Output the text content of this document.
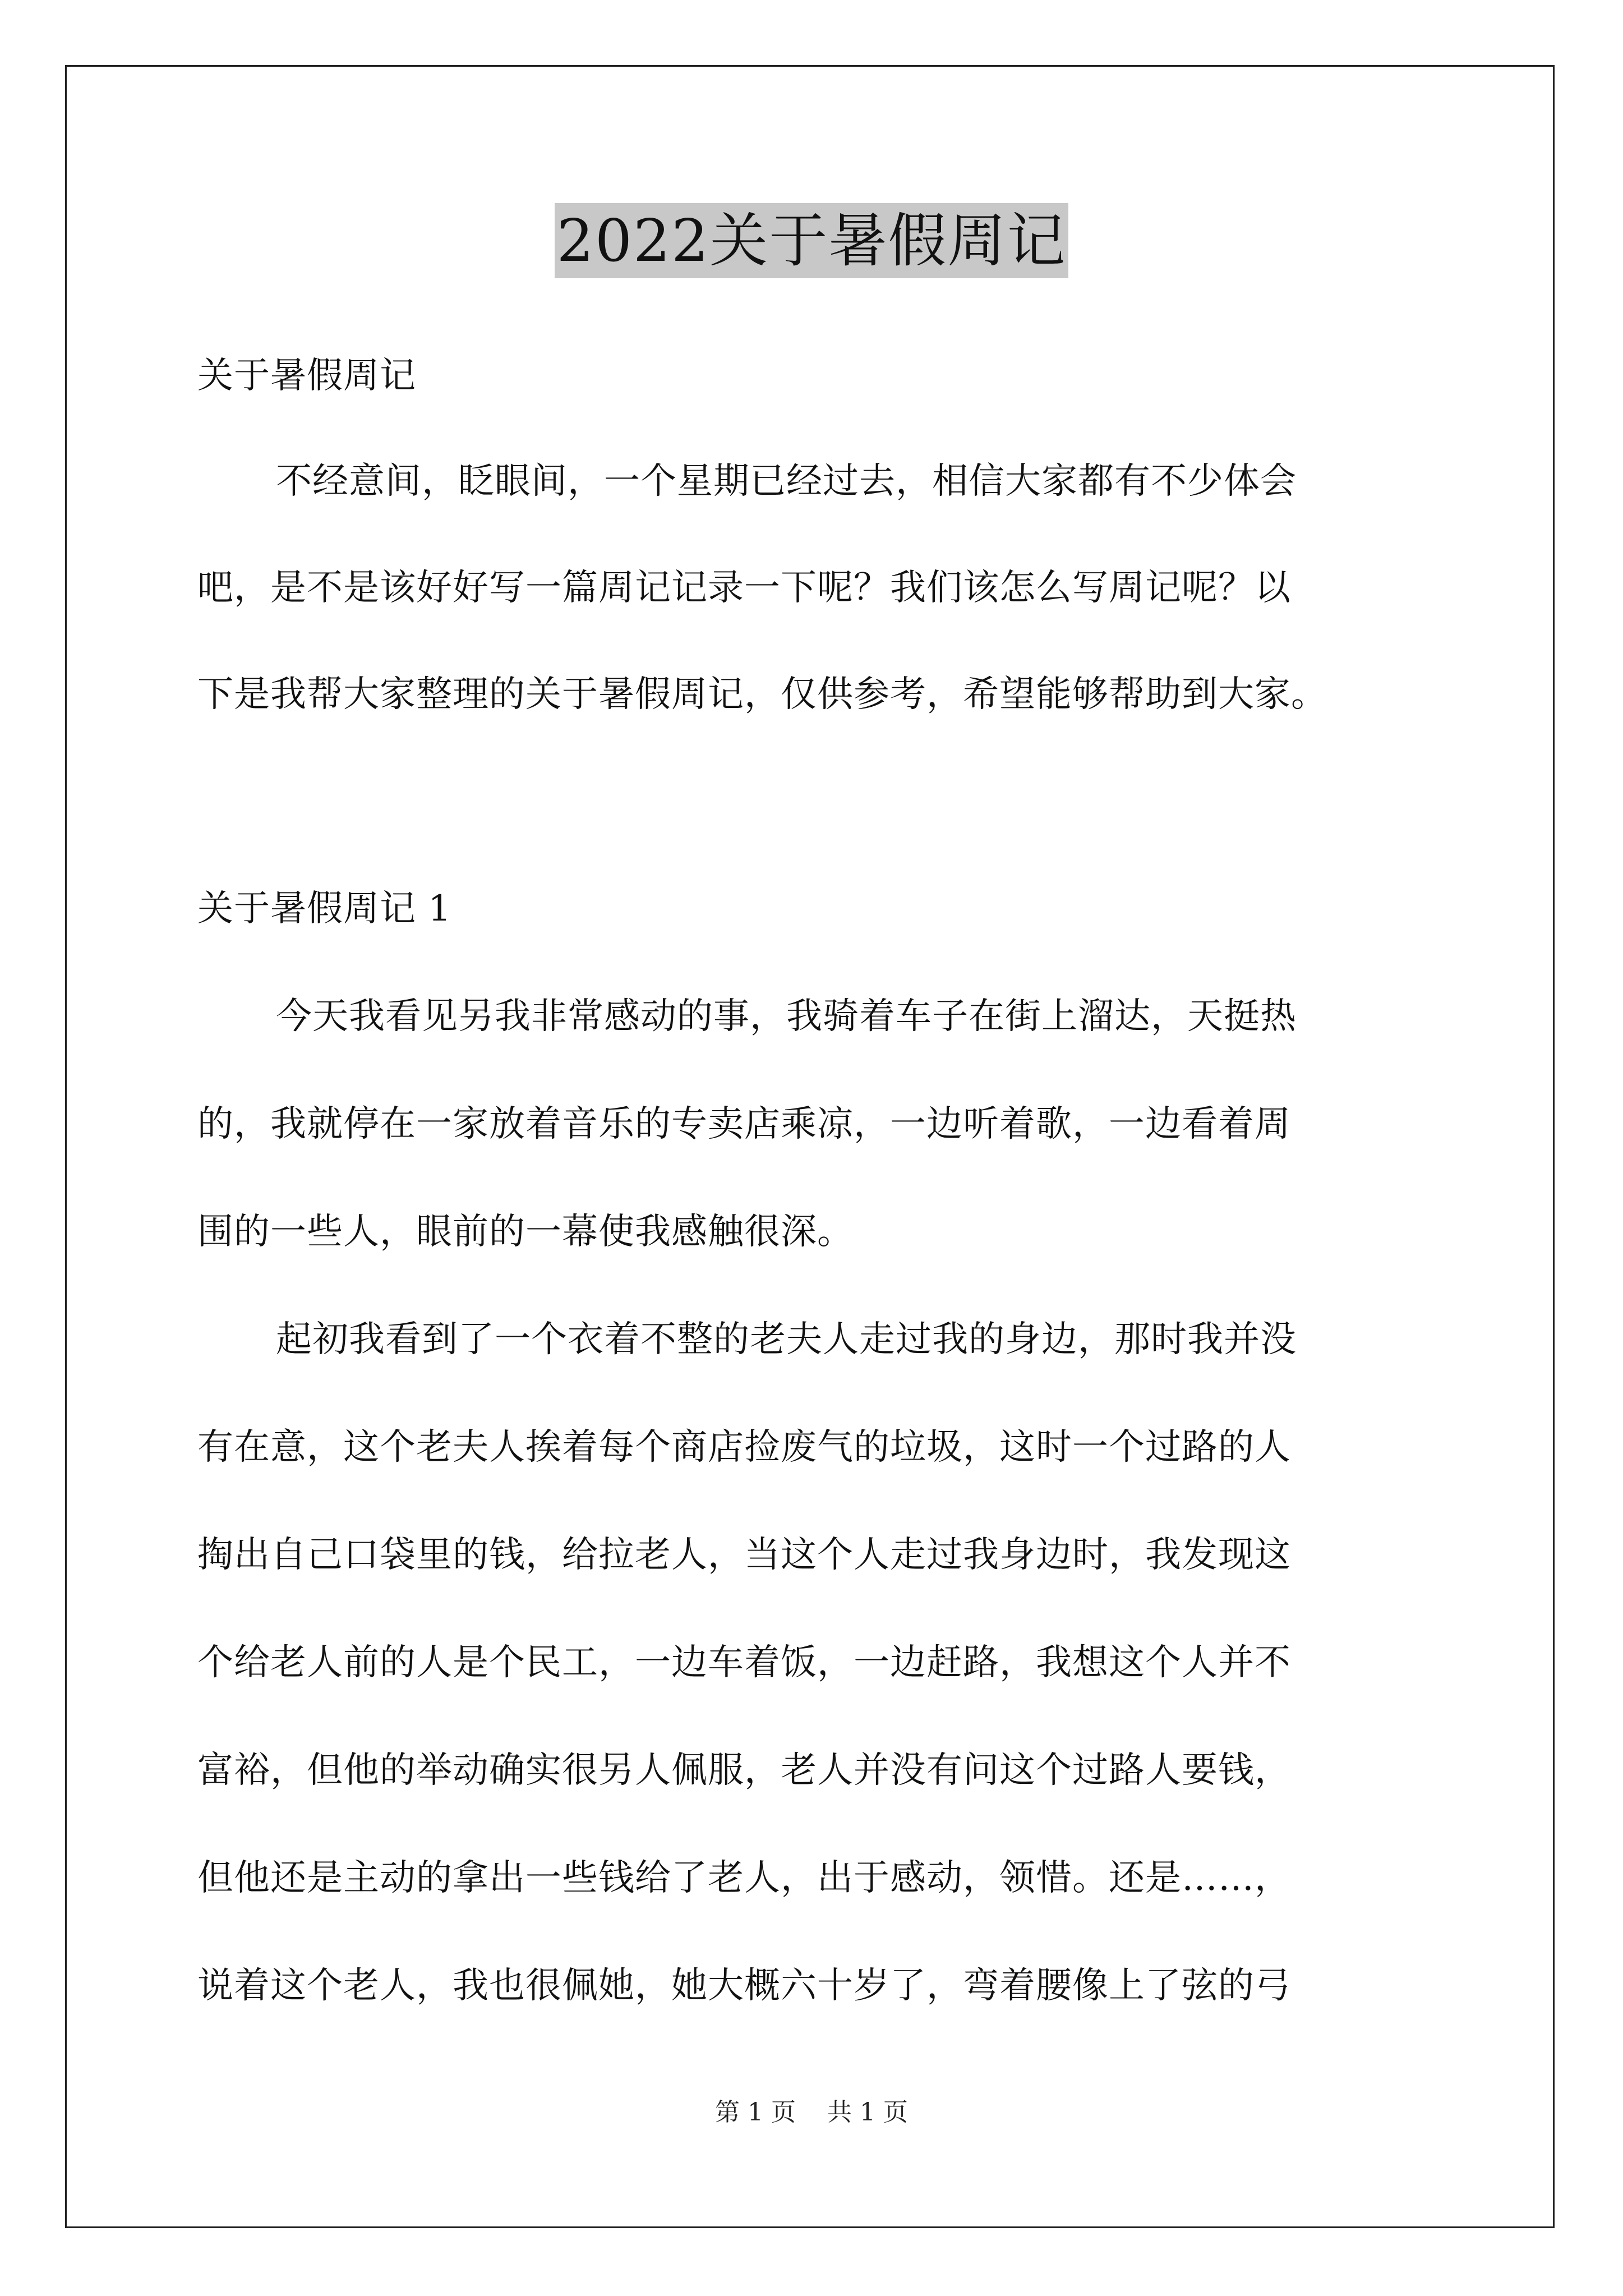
2022关于暑假周记

关于暑假周记

不经意间，眨眼间，一个星期已经过去，相信大家都有不少体会
吧，是不是该好好写一篇周记记录一下呢？我们该怎么写周记呢？以
下是我帮大家整理的关于暑假周记，仅供参考，希望能够帮助到大家。

关于暑假周记 1

今天我看见另我非常感动的事，我骑着车子在街上溜达，天挺热
的，我就停在一家放着音乐的专卖店乘凉，一边听着歌，一边看着周
围的一些人，眼前的一幕使我感触很深。
起初我看到了一个衣着不整的老夫人走过我的身边，那时我并没
有在意，这个老夫人挨着每个商店捡废气的垃圾，这时一个过路的人
掏出自己口袋里的钱，给拉老人，当这个人走过我身边时，我发现这
个给老人前的人是个民工，一边车着饭，一边赶路，我想这个人并不
富裕，但他的举动确实很另人佩服，老人并没有问这个过路人要钱，
但他还是主动的拿出一些钱给了老人，出于感动，领惜。还是……，
说着这个老人，我也很佩她，她大概六十岁了，弯着腰像上了弦的弓
第 1 页    共 1 页
